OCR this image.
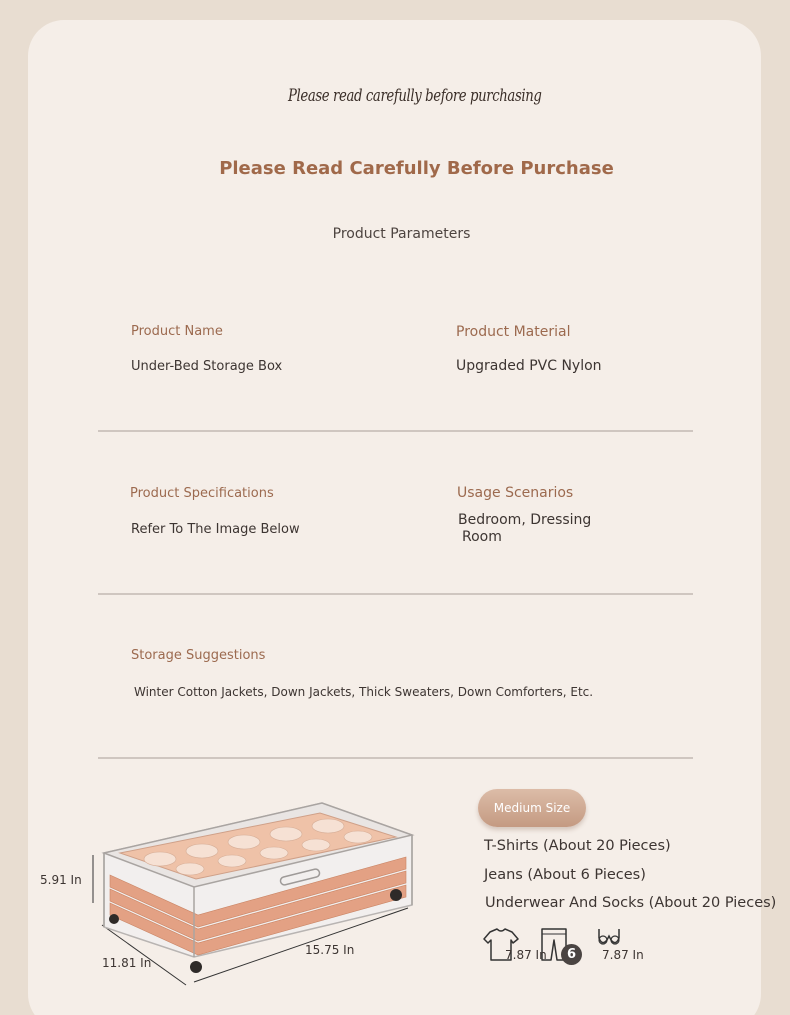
Please read carefully before purchasing
Please Read Carefully Before Purchase
Product Parameters
Product Name
Under-Bed Storage Box
Product Material
Upgraded PVC Nylon
Product Specifications
Refer To The Image Below
Usage Scenarios
Bedroom, Dressing
Room
Storage Suggestions
Winter Cotton Jackets, Down Jackets, Thick Sweaters, Down Comforters, Etc.
5.91 In
11.81 In
15.75 In
Medium Size
T-Shirts (About 20 Pieces)
Jeans (About 6 Pieces)
Underwear And Socks (About 20 Pieces)
6
7.87 In	7.87 In
